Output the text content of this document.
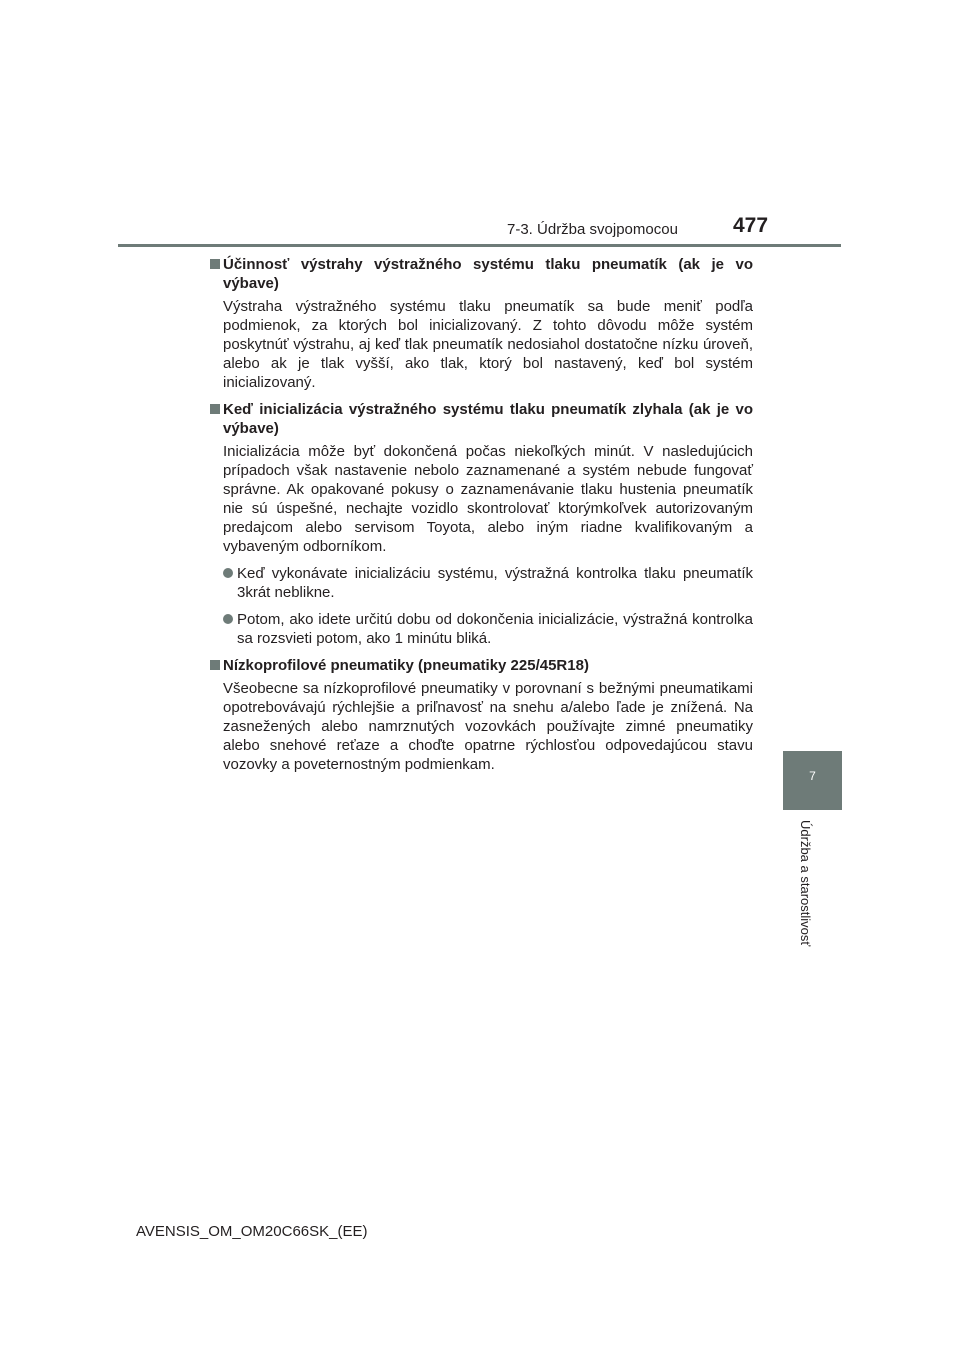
7-3. Údržba svojpomocou	477
7
Údržba a starostlivosť

Účinnosť výstrahy výstražného systému tlaku pneumatík (ak je vo výbave)

Výstraha výstražného systému tlaku pneumatík sa bude meniť podľa podmienok, za ktorých bol inicializovaný. Z tohto dôvodu môže systém poskytnúť výstrahu, aj keď tlak pneumatík nedosiahol dostatočne nízku úroveň, alebo ak je tlak vyšší, ako tlak, ktorý bol nastavený, keď bol systém inicializovaný.

Keď inicializácia výstražného systému tlaku pneumatík zlyhala (ak je vo výbave)

Inicializácia môže byť dokončená počas niekoľkých minút. V nasledujúcich prípadoch však nastavenie nebolo zaznamenané a systém nebude fungovať správne. Ak opakované pokusy o zaznamenávanie tlaku hustenia pneumatík nie sú úspešné, nechajte vozidlo skontrolovať ktorýmkoľvek autorizovaným predajcom alebo servisom Toyota, alebo iným riadne kvalifikovaným a vybaveným odborníkom.

Keď vykonávate inicializáciu systému, výstražná kontrolka tlaku pneumatík 3krát neblikne.
Potom, ako idete určitú dobu od dokončenia inicializácie, výstražná kontrolka sa rozsvieti potom, ako 1 minútu bliká.

Nízkoprofilové pneumatiky (pneumatiky 225/45R18)

Všeobecne sa nízkoprofilové pneumatiky v porovnaní s bežnými pneumatikami opotrebovávajú rýchlejšie a priľnavosť na snehu a/alebo ľade je znížená. Na zasnežených alebo namrznutých vozovkách používajte zimné pneumatiky alebo snehové reťaze a choďte opatrne rýchlosťou odpovedajúcou stavu vozovky a poveternostným podmienkam.

AVENSIS_OM_OM20C66SK_(EE)
